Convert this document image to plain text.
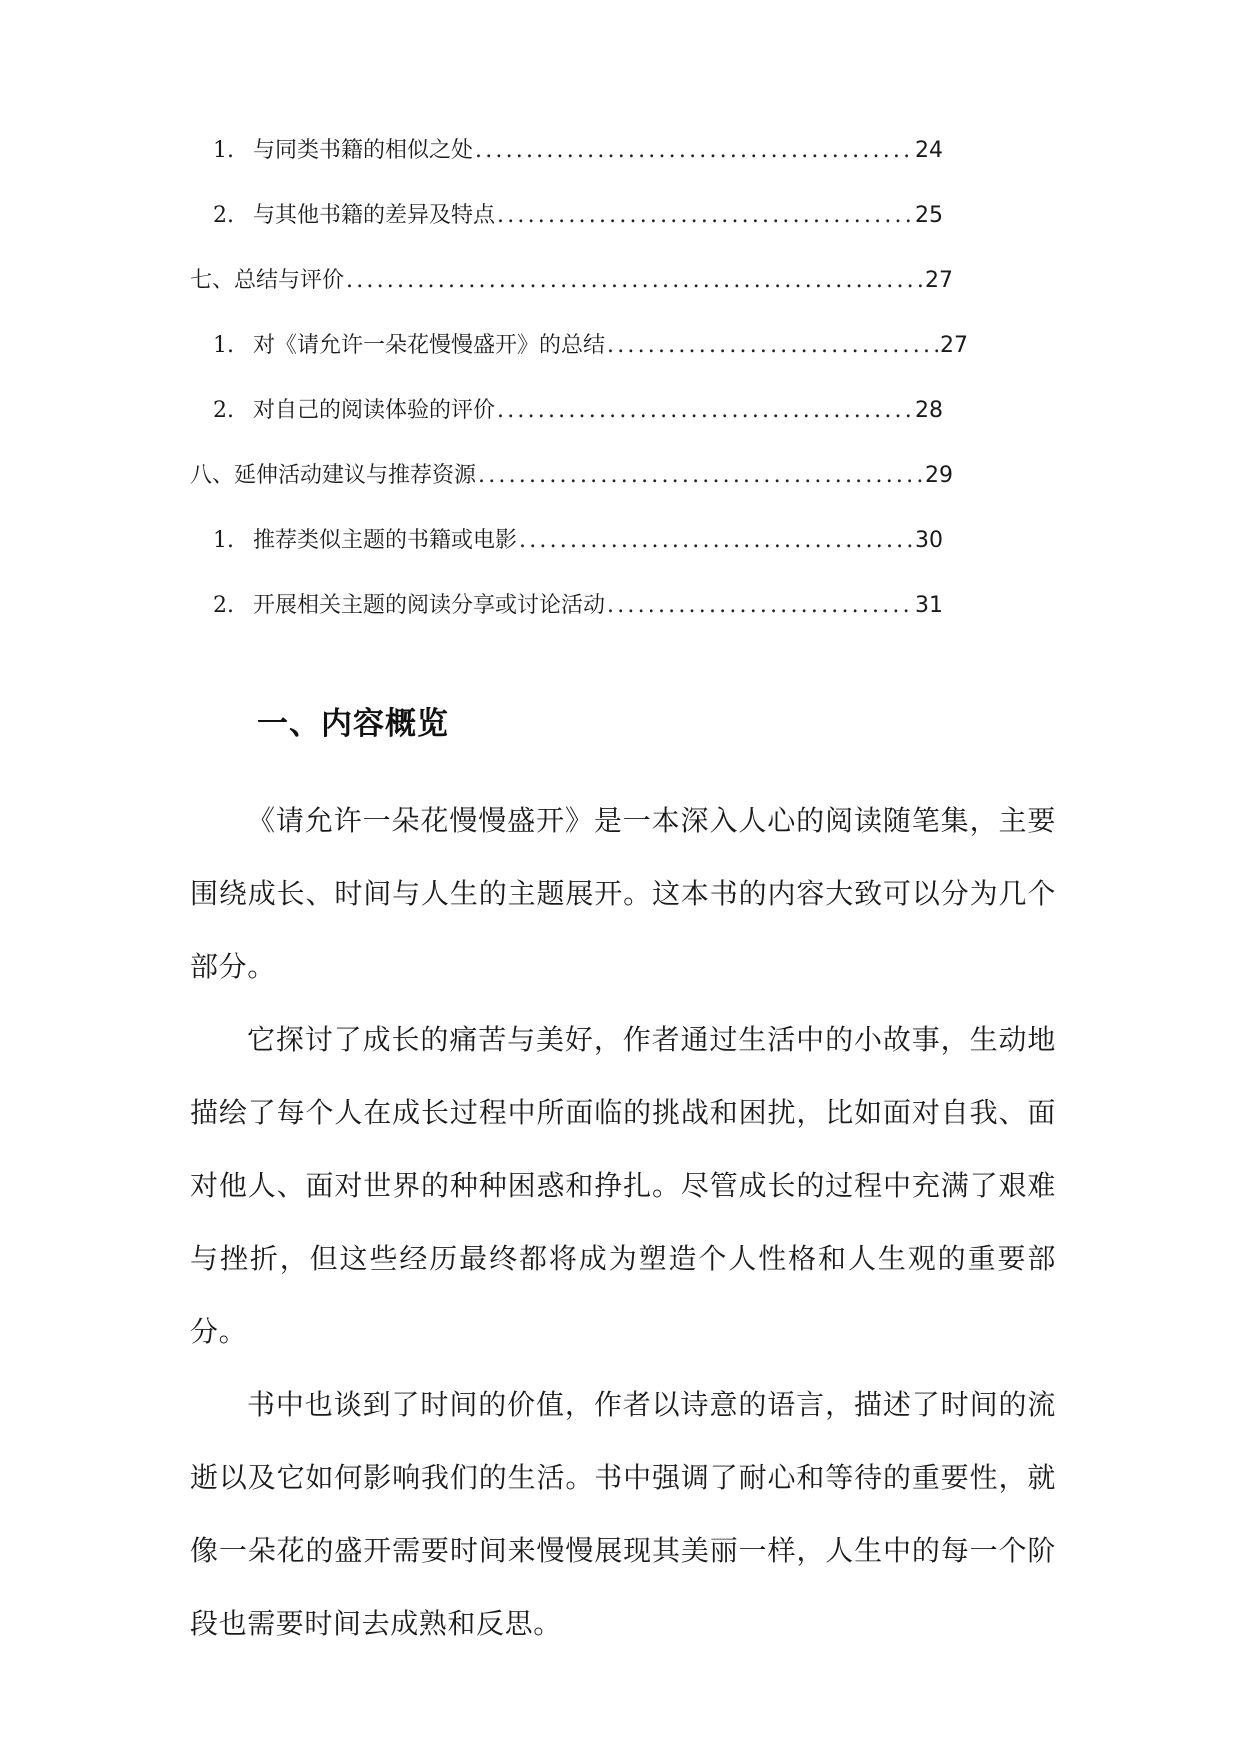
1. 与同类书籍的相似之处 .....	24
2. 与其他书籍的差异及特点 .....	25
七、总结与评价 .....	27
1. 对《请允许一朵花慢慢盛开》的总结 .....	27
2. 对自己的阅读体验的评价 .....	28
八、延伸活动建议与推荐资源 .....	29
1. 推荐类似主题的书籍或电影 .....	30
2. 开展相关主题的阅读分享或讨论活动 .....	31
一、内容概览

《请允许一朵花慢慢盛开》是一本深入人心的阅读随笔集，主要围绕成长、时间与人生的主题展开。这本书的内容大致可以分为几个部分。

它探讨了成长的痛苦与美好，作者通过生活中的小故事，生动地描绘了每个人在成长过程中所面临的挑战和困扰，比如面对自我、面对他人、面对世界的种种困惑和挣扎。尽管成长的过程中充满了艰难与挫折，但这些经历最终都将成为塑造个人性格和人生观的重要部分。

书中也谈到了时间的价值，作者以诗意的语言，描述了时间的流逝以及它如何影响我们的生活。书中强调了耐心和等待的重要性，就像一朵花的盛开需要时间来慢慢展现其美丽一样，人生中的每一个阶段也需要时间去成熟和反思。
